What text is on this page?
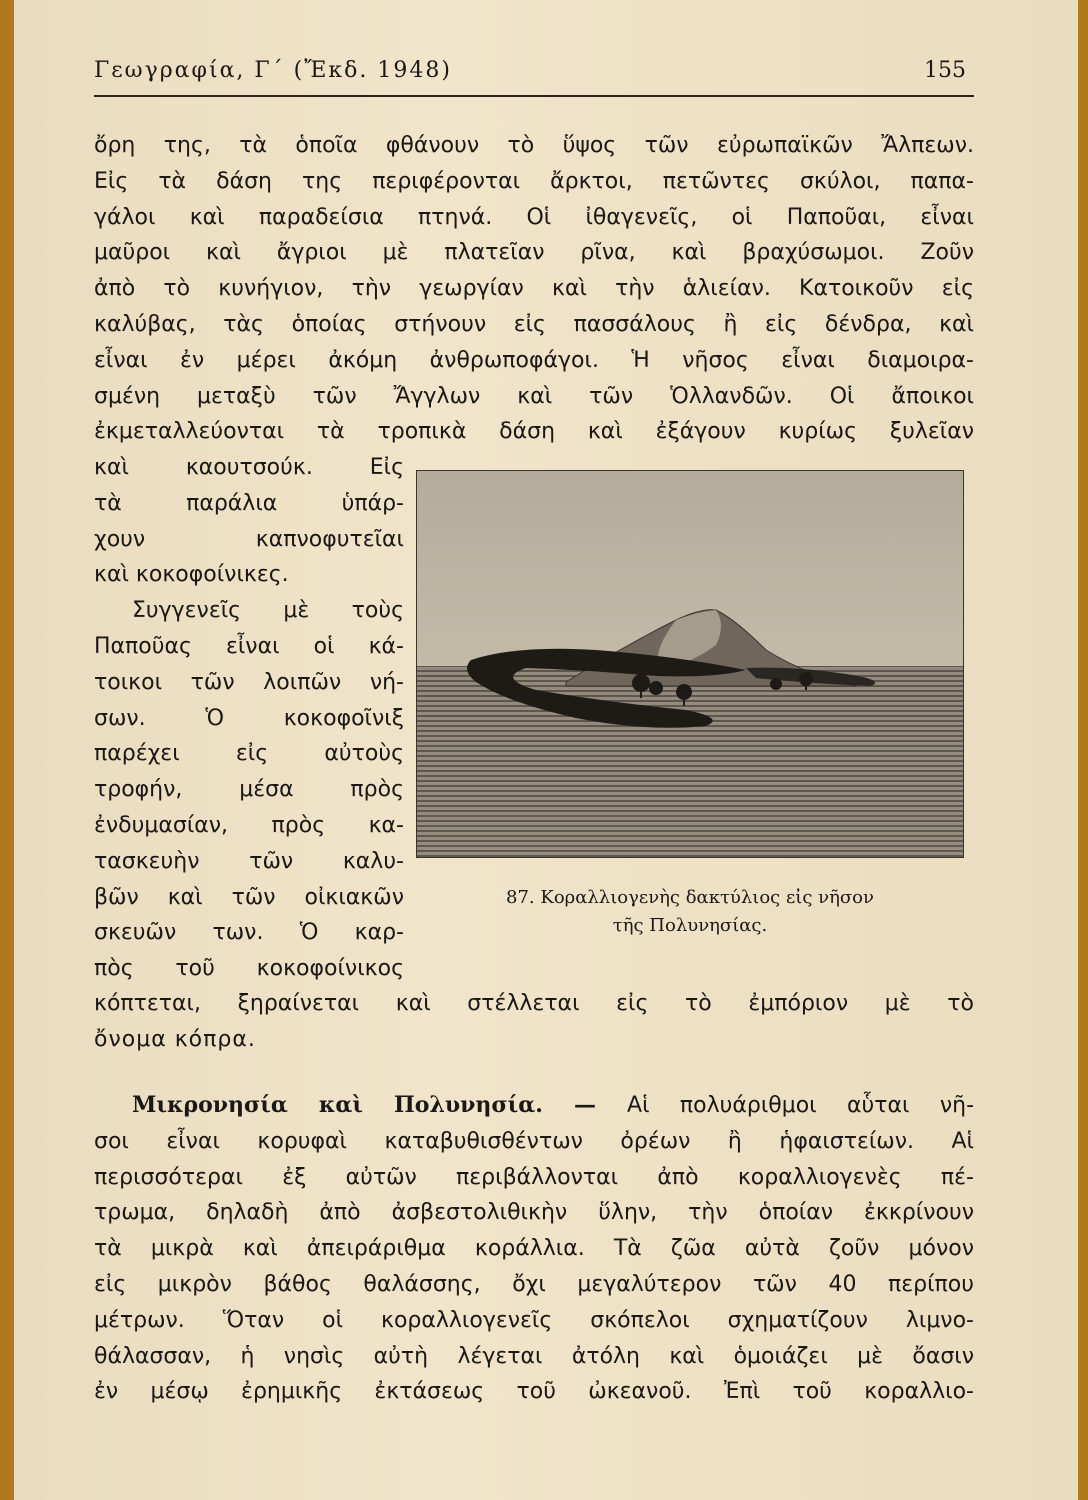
Γεωγραφία, Γ΄ (Ἔκδ. 1948)	155
ὄρη της, τὰ ὁποῖα φθάνουν τὸ ὕψος τῶν εὐρωπαϊκῶν Ἄλπεων.
Εἰς τὰ δάση της περιφέρονται ἄρκτοι, πετῶντες σκύλοι, παπα-
γάλοι καὶ παραδείσια πτηνά. Οἱ ἰθαγενεῖς, οἱ Παποῦαι, εἶναι
μαῦροι καὶ ἄγριοι μὲ πλατεῖαν ρῖνα, καὶ βραχύσωμοι. Ζοῦν
ἀπὸ τὸ κυνήγιον, τὴν γεωργίαν καὶ τὴν ἁλιείαν. Κατοικοῦν εἰς
καλύβας, τὰς ὁποίας στήνουν εἰς πασσάλους ἢ εἰς δένδρα, καὶ
εἶναι ἐν μέρει ἀκόμη ἀνθρωποφάγοι. Ἡ νῆσος εἶναι διαμοιρα-
σμένη μεταξὺ τῶν Ἄγγλων καὶ τῶν Ὁλλανδῶν. Οἱ ἄποικοι
ἐκμεταλλεύονται τὰ τροπικὰ δάση καὶ ἐξάγουν κυρίως ξυλεῖαν
καὶ καουτσούκ. Εἰς
τὰ παράλια ὑπάρ-
χουν καπνοφυτεῖαι
καὶ κοκοφοίνικες.
Συγγενεῖς μὲ τοὺς
Παποῦας εἶναι οἱ κά-
τοικοι τῶν λοιπῶν νή-
σων. Ὁ κοκοφοῖνιξ
παρέχει εἰς αὐτοὺς
τροφήν, μέσα πρὸς
ἐνδυμασίαν, πρὸς κα-
τασκευὴν τῶν καλυ-
βῶν καὶ τῶν οἰκιακῶν
σκευῶν των. Ὁ καρ-
πὸς τοῦ κοκοφοίνικος
87. Κοραλλιογενὴς δακτύλιος εἰς νῆσον
τῆς Πολυνησίας.
κόπτεται, ξηραίνεται καὶ στέλλεται εἰς τὸ ἐμπόριον μὲ τὸ
ὄνομα κόπρα.
Μικρονησία καὶ Πολυνησία. — Αἱ πολυάριθμοι αὗται νῆ-
σοι εἶναι κορυφαὶ καταβυθισθέντων ὀρέων ἢ ἡφαιστείων. Αἱ
περισσότεραι ἐξ αὐτῶν περιβάλλονται ἀπὸ κοραλλιογενὲς πέ-
τρωμα, δηλαδὴ ἀπὸ ἀσβεστολιθικὴν ὕλην, τὴν ὁποίαν ἐκκρίνουν
τὰ μικρὰ καὶ ἀπειράριθμα κοράλλια. Τὰ ζῶα αὐτὰ ζοῦν μόνον
εἰς μικρὸν βάθος θαλάσσης, ὄχι μεγαλύτερον τῶν 40 περίπου
μέτρων. Ὅταν οἱ κοραλλιογενεῖς σκόπελοι σχηματίζουν λιμνο-
θάλασσαν, ἡ νησὶς αὐτὴ λέγεται ἀτόλη καὶ ὁμοιάζει μὲ ὄασιν
ἐν μέσῳ ἐρημικῆς ἐκτάσεως τοῦ ὠκεανοῦ. Ἐπὶ τοῦ κοραλλιο-
